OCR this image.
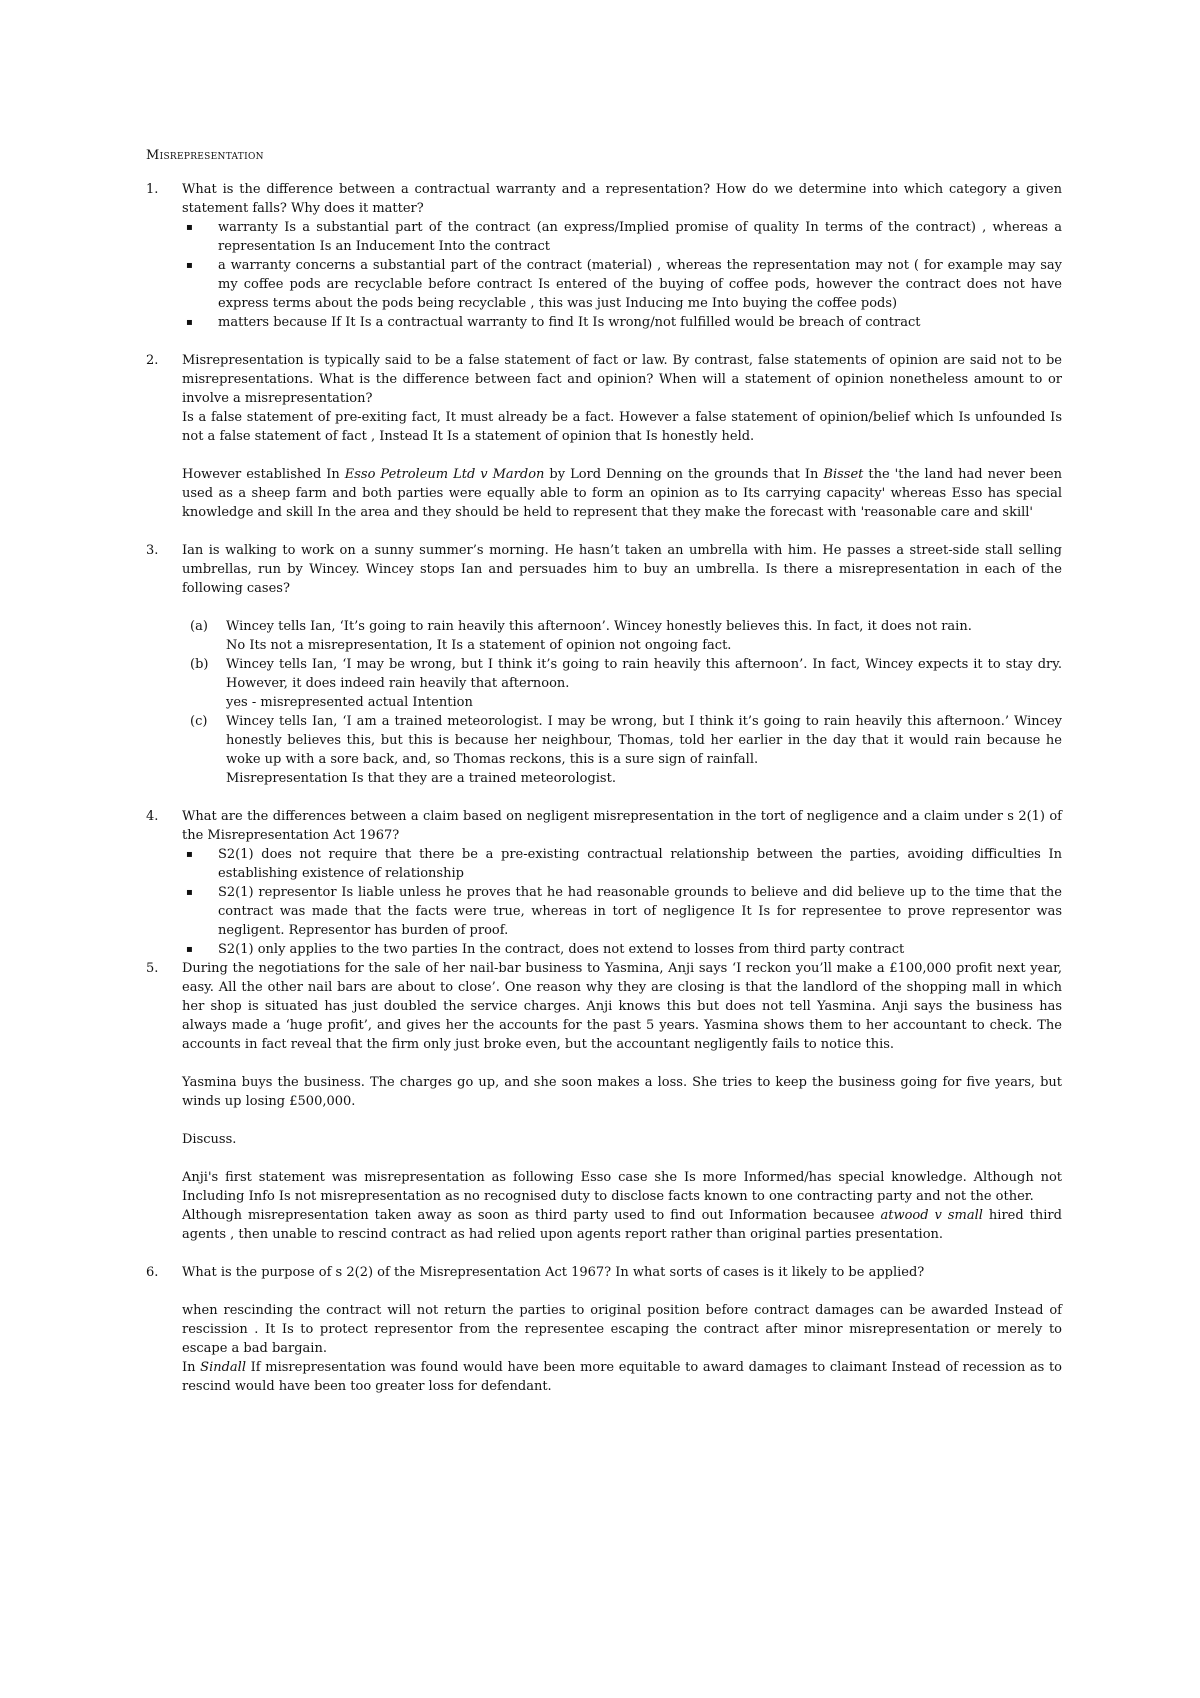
Misrepresentation
1. What is the difference between a contractual warranty and a representation? How do we determine into which category a given statement falls? Why does it matter?

▪ warranty Is a substantial part of the contract (an express/Implied promise of quality In terms of the contract) , whereas a representation Is an Inducement Into the contract
▪ a warranty concerns a substantial part of the contract (material) , whereas the representation may not ( for example may say my coffee pods are recyclable before contract Is entered of the buying of coffee pods, however the contract does not have express terms about the pods being recyclable , this was just Inducing me Into buying the coffee pods)
▪ matters because If It Is a contractual warranty to find It Is wrong/not fulfilled would be breach of contract
2. Misrepresentation is typically said to be a false statement of fact or law. By contrast, false statements of opinion are said not to be misrepresentations. What is the difference between fact and opinion? When will a statement of opinion nonetheless amount to or involve a misrepresentation?

Is a false statement of pre-exiting fact, It must already be a fact. However a false statement of opinion/belief which Is unfounded Is not a false statement of fact , Instead It Is a statement of opinion that Is honestly held.

However established In Esso Petroleum Ltd v Mardon by Lord Denning on the grounds that In Bisset the 'the land had never been used as a sheep farm and both parties were equally able to form an opinion as to Its carrying capacity' whereas Esso has special knowledge and skill In the area and they should be held to represent that they make the forecast with 'reasonable care and skill'

3. Ian is walking to work on a sunny summer’s morning. He hasn’t taken an umbrella with him. He passes a street-side stall selling umbrellas, run by Wincey. Wincey stops Ian and persuades him to buy an umbrella. Is there a misrepresentation in each of the following cases?

(a) Wincey tells Ian, ‘It’s going to rain heavily this afternoon’. Wincey honestly believes this. In fact, it does not rain.
No Its not a misrepresentation, It Is a statement of opinion not ongoing fact.
(b) Wincey tells Ian, ‘I may be wrong, but I think it’s going to rain heavily this afternoon’. In fact, Wincey expects it to stay dry. However, it does indeed rain heavily that afternoon.
yes - misrepresented actual Intention
(c) Wincey tells Ian, ‘I am a trained meteorologist. I may be wrong, but I think it’s going to rain heavily this afternoon.’ Wincey honestly believes this, but this is because her neighbour, Thomas, told her earlier in the day that it would rain because he woke up with a sore back, and, so Thomas reckons, this is a sure sign of rainfall.
Misrepresentation Is that they are a trained meteorologist.
4. What are the differences between a claim based on negligent misrepresentation in the tort of negligence and a claim under s 2(1) of the Misrepresentation Act 1967?

▪ S2(1) does not require that there be a pre-existing contractual relationship between the parties, avoiding difficulties In establishing existence of relationship
▪ S2(1) representor Is liable unless he proves that he had reasonable grounds to believe and did believe up to the time that the contract was made that the facts were true, whereas in tort of negligence It Is for representee to prove representor was negligent. Representor has burden of proof.
▪ S2(1) only applies to the two parties In the contract, does not extend to losses from third party contract
5. During the negotiations for the sale of her nail-bar business to Yasmina, Anji says ‘I reckon you’ll make a £100,000 profit next year, easy. All the other nail bars are about to close’. One reason why they are closing is that the landlord of the shopping mall in which her shop is situated has just doubled the service charges. Anji knows this but does not tell Yasmina. Anji says the business has always made a ‘huge profit’, and gives her the accounts for the past 5 years. Yasmina shows them to her accountant to check. The accounts in fact reveal that the firm only just broke even, but the accountant negligently fails to notice this.

Yasmina buys the business. The charges go up, and she soon makes a loss. She tries to keep the business going for five years, but winds up losing £500,000.

Discuss.

Anji's first statement was misrepresentation as following Esso case she Is more Informed/has special knowledge. Although not Including Info Is not misrepresentation as no recognised duty to disclose facts known to one contracting party and not the other.

Although misrepresentation taken away as soon as third party used to find out Information becausee atwood v small hired third agents , then unable to rescind contract as had relied upon agents report rather than original parties presentation.

6. What is the purpose of s 2(2) of the Misrepresentation Act 1967? In what sorts of cases is it likely to be applied?

when rescinding the contract will not return the parties to original position before contract damages can be awarded Instead of rescission . It Is to protect representor from the representee escaping the contract after minor misrepresentation or merely to escape a bad bargain.

In Sindall If misrepresentation was found would have been more equitable to award damages to claimant Instead of recession as to rescind would have been too greater loss for defendant.
